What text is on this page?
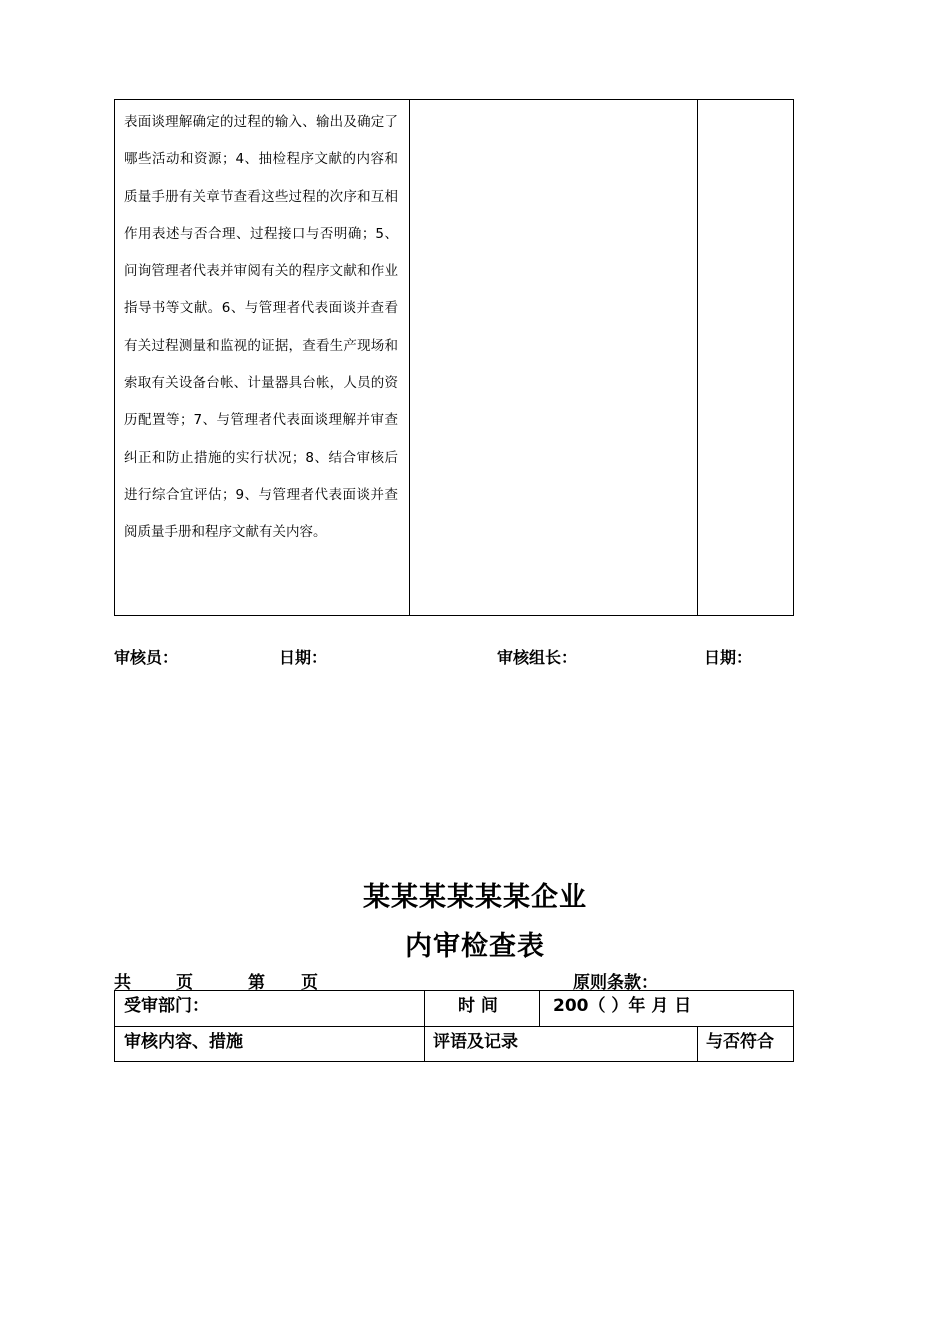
表面谈理解确定的过程的输入、输出及确定了哪些活动和资源；4、抽检程序文献的内容和质量手册有关章节查看这些过程的次序和互相作用表述与否合理、过程接口与否明确；5、问询管理者代表并审阅有关的程序文献和作业指导书等文献。6、与管理者代表面谈并查看有关过程测量和监视的证据，查看生产现场和索取有关设备台帐、计量器具台帐，人员的资历配置等；7、与管理者代表面谈理解并审查纠正和防止措施的实行状况；8、结合审核后进行综合宜评估；9、与管理者代表面谈并查阅质量手册和程序文献有关内容。
审核员：	日期：	审核组长：	日期：
某某某某某某企业
内审检查表
共	页	第 页	原则条款：
受审部门：	时 间	200（ ）年 月 日
审核内容、措施	评语及记录	与否符合
